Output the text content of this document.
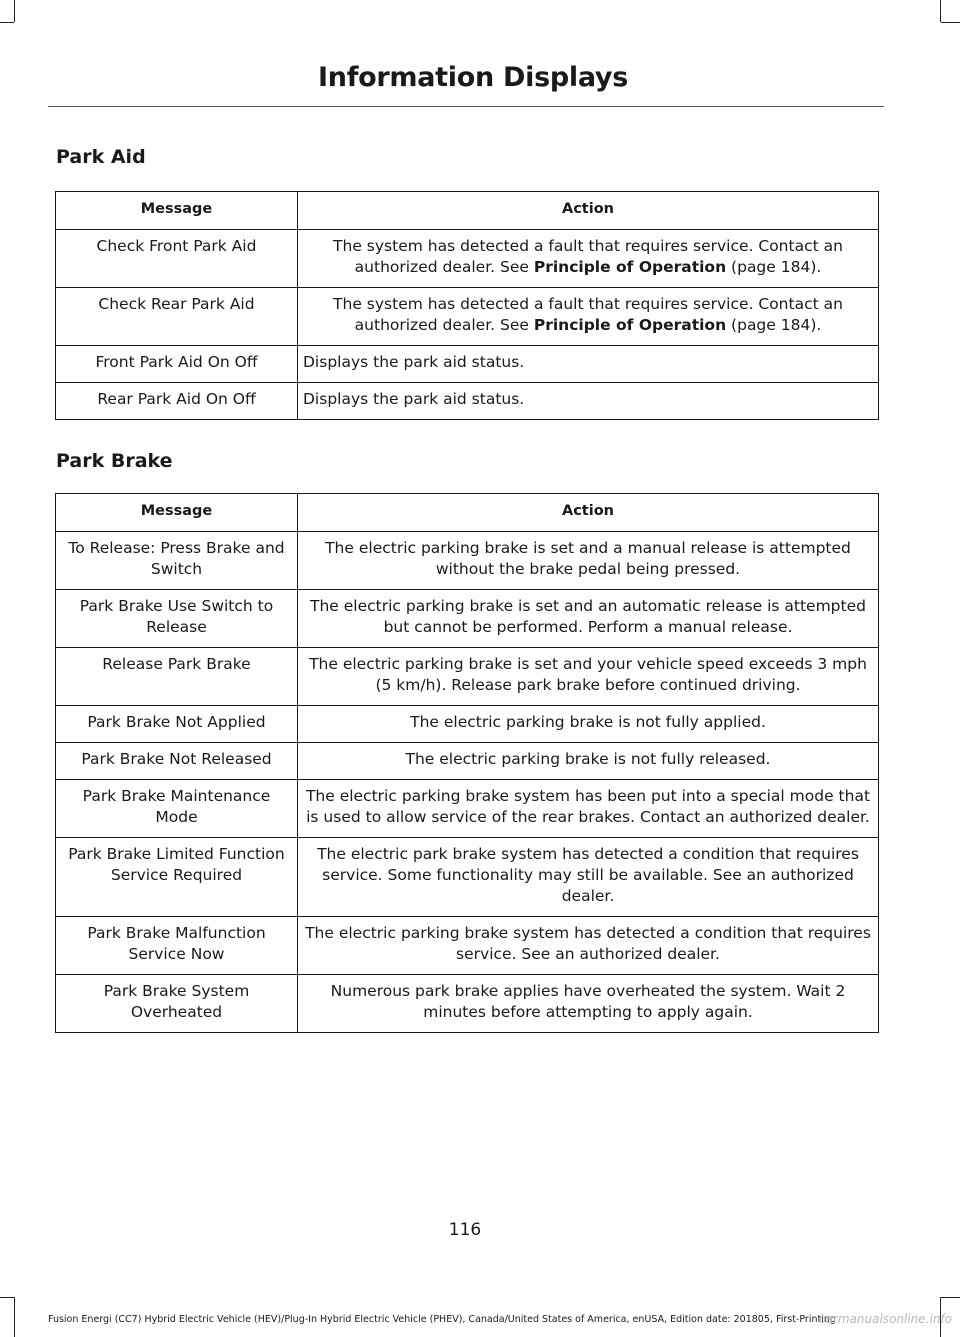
Information Displays
Park Aid
Message	Action
Check Front Park Aid	The system has detected a fault that requires service. Contact an authorized dealer. See Principle of Operation (page 184).
Check Rear Park Aid	The system has detected a fault that requires service. Contact an authorized dealer. See Principle of Operation (page 184).
Front Park Aid On Off	Displays the park aid status.
Rear Park Aid On Off	Displays the park aid status.
Park Brake
Message	Action
To Release: Press Brake and Switch	The electric parking brake is set and a manual release is attempted without the brake pedal being pressed.
Park Brake Use Switch to Release	The electric parking brake is set and an automatic release is attempted but cannot be performed. Perform a manual release.
Release Park Brake	The electric parking brake is set and your vehicle speed exceeds 3 mph (5 km/h). Release park brake before continued driving.
Park Brake Not Applied	The electric parking brake is not fully applied.
Park Brake Not Released	The electric parking brake is not fully released.
Park Brake Maintenance Mode	The electric parking brake system has been put into a special mode that is used to allow service of the rear brakes. Contact an authorized dealer.
Park Brake Limited Function Service Required	The electric park brake system has detected a condition that requires service. Some functionality may still be available. See an authorized dealer.
Park Brake Malfunction Service Now	The electric parking brake system has detected a condition that requires service. See an authorized dealer.
Park Brake System Overheated	Numerous park brake applies have overheated the system. Wait 2 minutes before attempting to apply again.
116
Fusion Energi (CC7) Hybrid Electric Vehicle (HEV)/Plug-In Hybrid Electric Vehicle (PHEV), Canada/United States of America, enUSA, Edition date: 201805, First-Printing
carmanualsonline.info
